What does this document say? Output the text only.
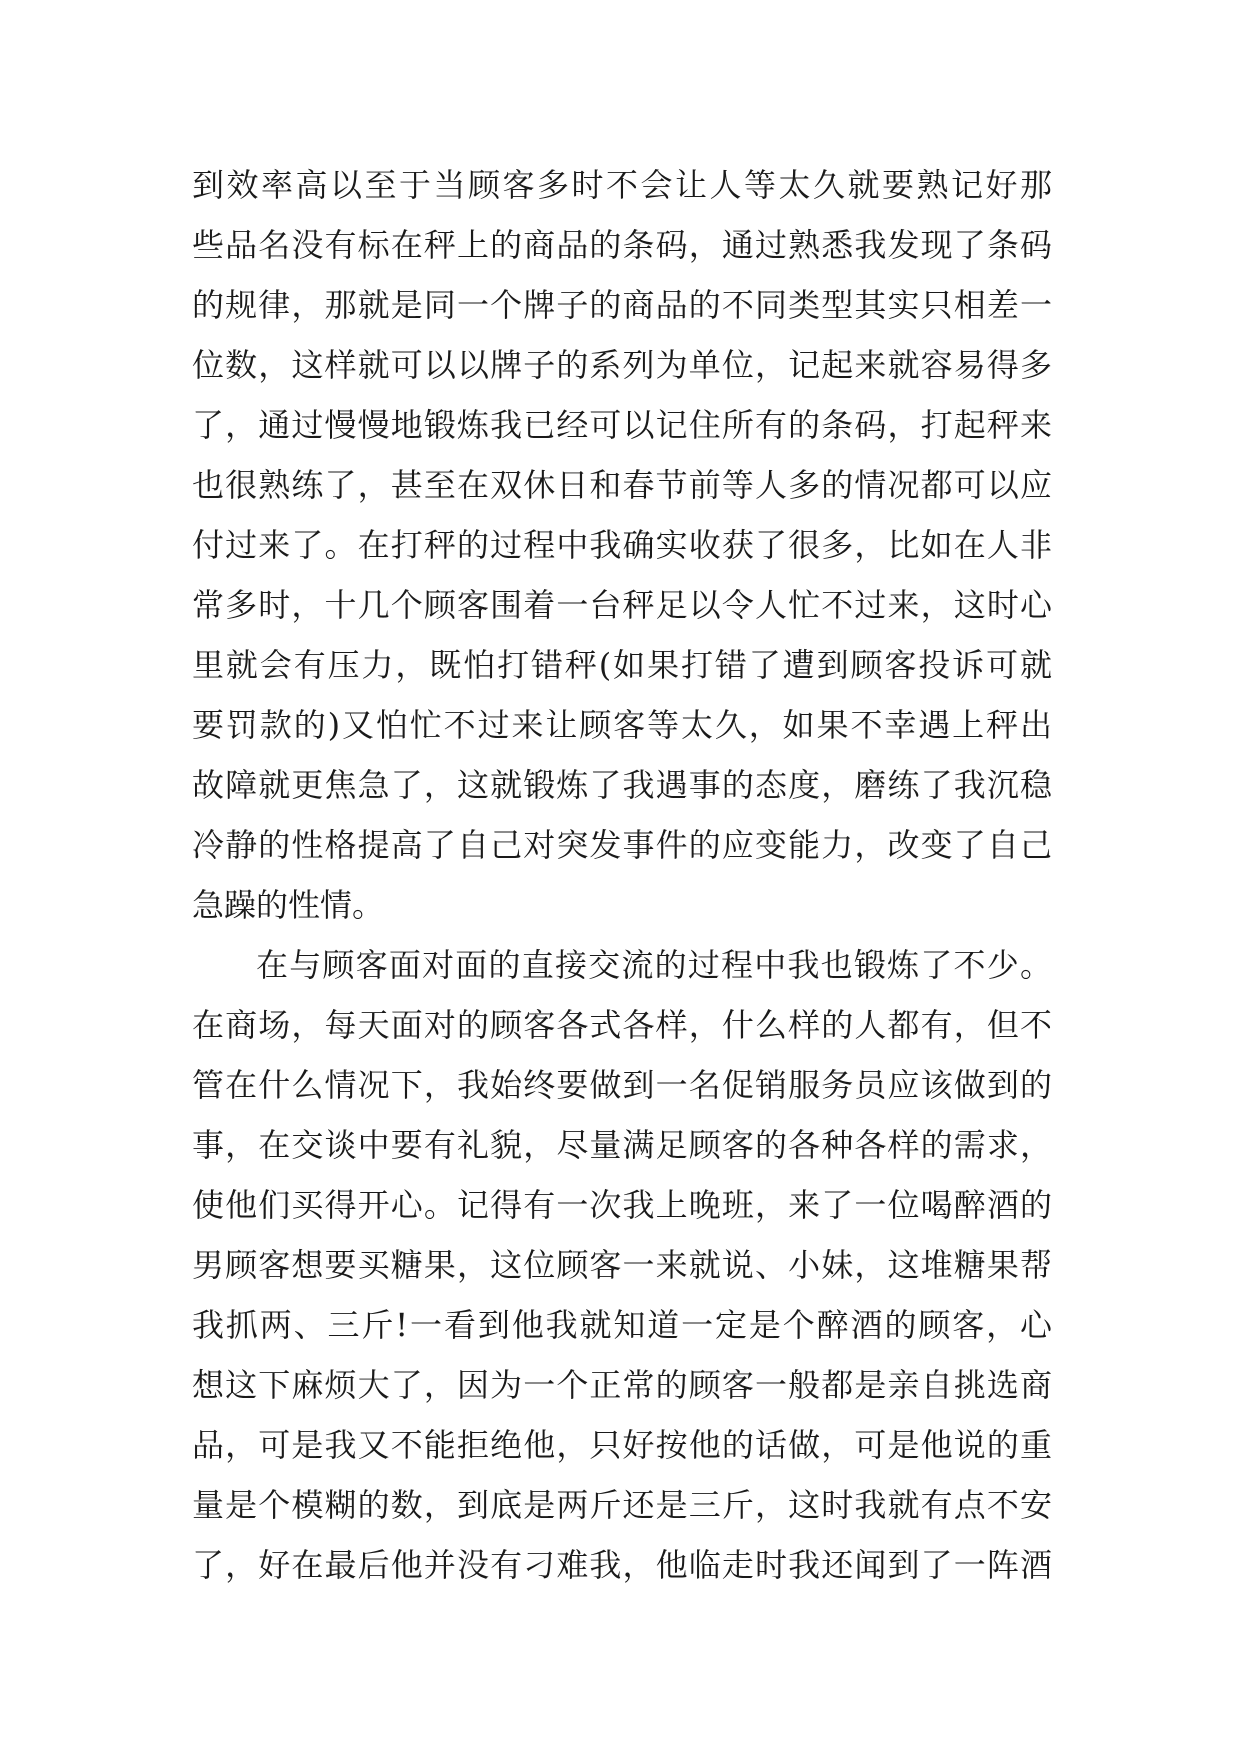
到效率高以至于当顾客多时不会让人等太久就要熟记好那
些品名没有标在秤上的商品的条码，通过熟悉我发现了条码
的规律，那就是同一个牌子的商品的不同类型其实只相差一
位数，这样就可以以牌子的系列为单位，记起来就容易得多
了，通过慢慢地锻炼我已经可以记住所有的条码，打起秤来
也很熟练了，甚至在双休日和春节前等人多的情况都可以应
付过来了。在打秤的过程中我确实收获了很多，比如在人非
常多时，十几个顾客围着一台秤足以令人忙不过来，这时心
里就会有压力，既怕打错秤(如果打错了遭到顾客投诉可就
要罚款的)又怕忙不过来让顾客等太久，如果不幸遇上秤出
故障就更焦急了，这就锻炼了我遇事的态度，磨练了我沉稳
冷静的性格提高了自己对突发事件的应变能力，改变了自己
急躁的性情。
在与顾客面对面的直接交流的过程中我也锻炼了不少。
在商场，每天面对的顾客各式各样，什么样的人都有，但不
管在什么情况下，我始终要做到一名促销服务员应该做到的
事，在交谈中要有礼貌，尽量满足顾客的各种各样的需求，
使他们买得开心。记得有一次我上晚班，来了一位喝醉酒的
男顾客想要买糖果，这位顾客一来就说、小妹，这堆糖果帮
我抓两、三斤!一看到他我就知道一定是个醉酒的顾客，心
想这下麻烦大了，因为一个正常的顾客一般都是亲自挑选商
品，可是我又不能拒绝他，只好按他的话做，可是他说的重
量是个模糊的数，到底是两斤还是三斤，这时我就有点不安
了，好在最后他并没有刁难我，他临走时我还闻到了一阵酒
